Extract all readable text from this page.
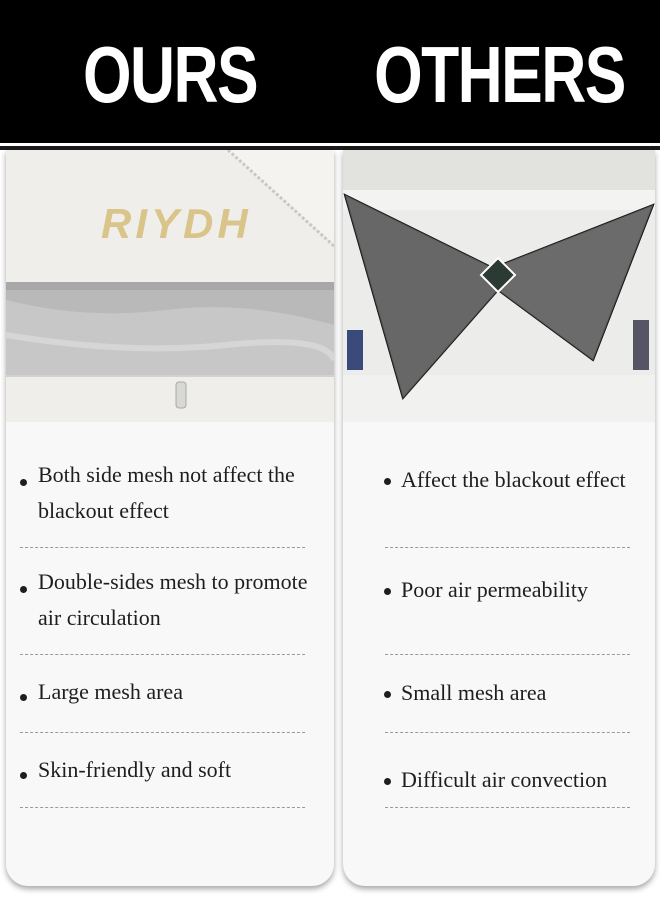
OURS	OTHERS
RIYDH
Both side mesh not affect the blackout effect
Double-sides mesh to promote air circulation
Large mesh area
Skin-friendly and soft
Affect the blackout effect
Poor air permeability
Small mesh area
Difficult air convection
